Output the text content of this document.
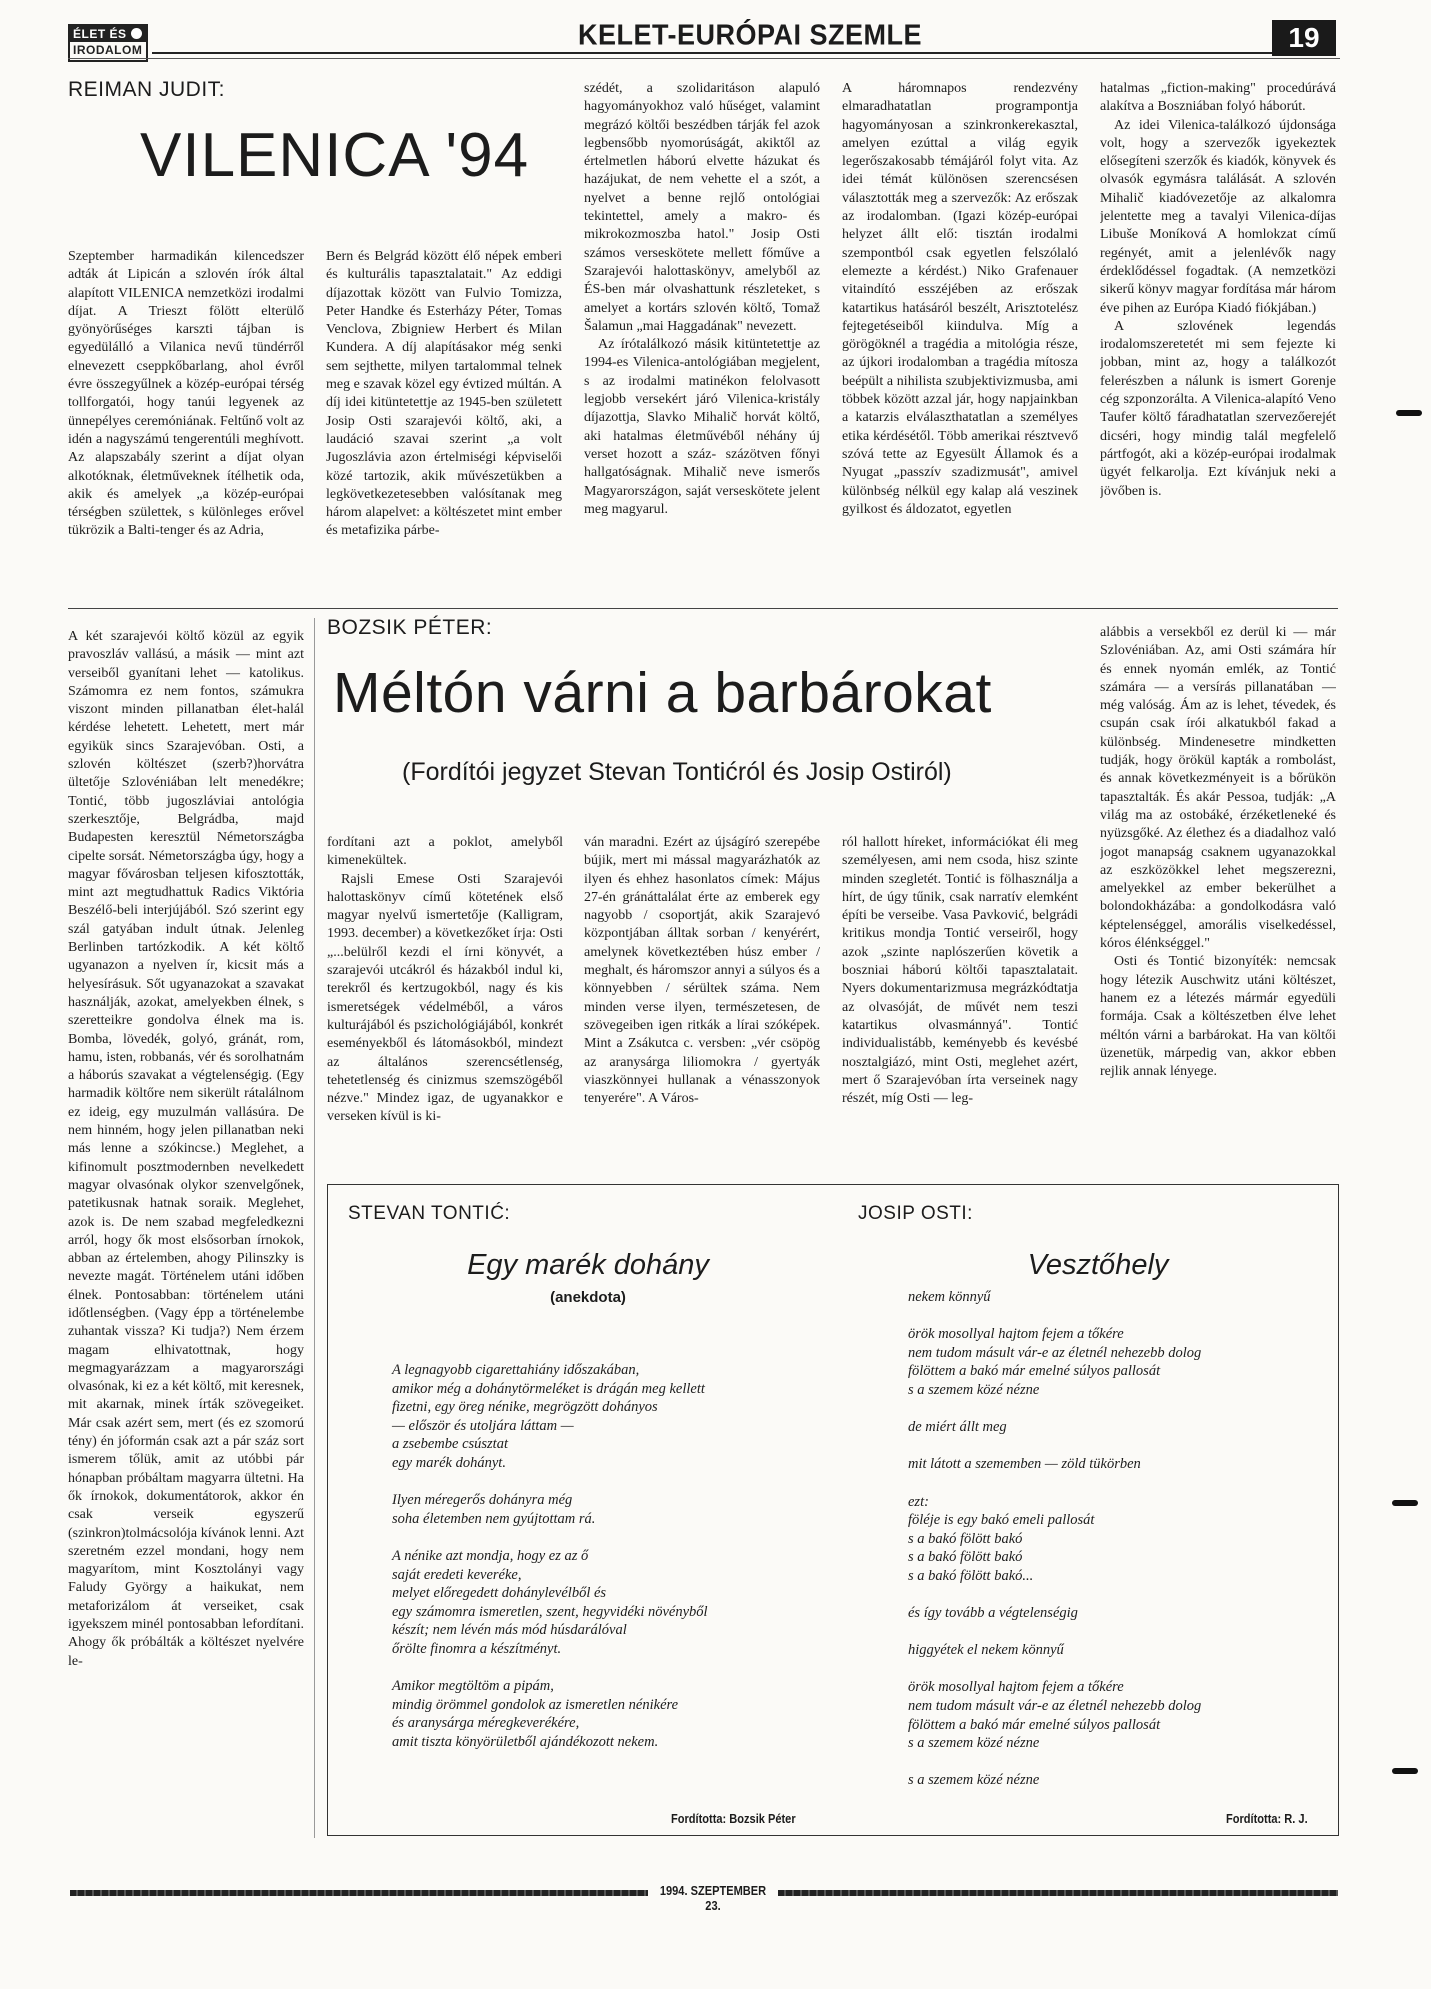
ÉLET ÉS
IRODALOM	KELET-EURÓPAI SZEMLE	19
REIMAN JUDIT:
VILENICA '94

Szeptember harmadikán kilencedszer adták át Lipicán a szlovén írók által alapított VILENICA nemzetközi irodalmi díjat. A Trieszt fölött elterülő gyönyörűséges karszti tájban is egyedülálló a Vilanica nevű tündérről elnevezett cseppkőbarlang, ahol évről évre összegyűlnek a közép-európai térség tollforgatói, hogy tanúi legyenek az ünnepélyes ceremóniának. Feltűnő volt az idén a nagyszámú tengerentúli meghívott. Az alapszabály szerint a díjat olyan alkotóknak, életműveknek ítélhetik oda, akik és amelyek „a közép-európai térségben születtek, s különleges erővel tükrözik a Balti-tenger és az Adria,

Bern és Belgrád között élő népek emberi és kulturális tapasztalatait." Az eddigi díjazottak között van Fulvio Tomizza, Peter Handke és Esterházy Péter, Tomas Venclova, Zbigniew Herbert és Milan Kundera. A díj alapításakor még senki sem sejthette, milyen tartalommal telnek meg e szavak közel egy évtized múltán. A díj idei kitüntetettje az 1945-ben született Josip Osti szarajevói költő, aki, a laudáció szavai szerint „a volt Jugoszlávia azon értelmiségi képviselői közé tartozik, akik művészetükben a legkövetkezetesebben valósítanak meg három alapelvet: a költészetet mint ember és metafizika párbe-

szédét, a szolidaritáson alapuló hagyományokhoz való hűséget, valamint megrázó költői beszédben tárják fel azok legbensőbb nyomorúságát, akiktől az értelmetlen háború elvette házukat és hazájukat, de nem vehette el a szót, a nyelvet a benne rejlő ontológiai tekintettel, amely a makro- és mikrokozmoszba hatol." Josip Osti számos verseskötete mellett főműve a Szarajevói halottaskönyv, amelyből az ÉS-ben már olvashattunk részleteket, s amelyet a kortárs szlovén költő, Tomaž Šalamun „mai Haggadának" nevezett.

Az írótalálkozó másik kitüntetettje az 1994-es Vilenica-antológiában megjelent, s az irodalmi matinékon felolvasott legjobb versekért járó Vilenica-kristály díjazottja, Slavko Mihalič horvát költő, aki hatalmas életművéből néhány új verset hozott a száz- százötven főnyi hallgatóságnak. Mihalič neve ismerős Magyarországon, saját verseskötete jelent meg magyarul.

A háromnapos rendezvény elmaradhatatlan programpontja hagyományosan a szinkronkerekasztal, amelyen ezúttal a világ egyik legerőszakosabb témájáról folyt vita. Az idei témát különösen szerencsésen választották meg a szervezők: Az erőszak az irodalomban. (Igazi közép-európai helyzet állt elő: tisztán irodalmi szempontból csak egyetlen felszólaló elemezte a kérdést.) Niko Grafenauer vitaindító esszéjében az erőszak katartikus hatásáról beszélt, Arisztotelész fejtegetéseiből kiindulva. Míg a görögöknél a tragédia a mitológia része, az újkori irodalomban a tragédia mítosza beépült a nihilista szubjektivizmusba, ami többek között azzal jár, hogy napjainkban a katarzis elválaszthatatlan a személyes etika kérdésétől. Több amerikai résztvevő szóvá tette az Egyesült Államok és a Nyugat „passzív szadizmusát", amivel különbség nélkül egy kalap alá veszinek gyilkost és áldozatot, egyetlen

hatalmas „fiction-making" procedúrává alakítva a Boszniában folyó háborút.

Az idei Vilenica-találkozó újdonsága volt, hogy a szervezők igyekeztek elősegíteni szerzők és kiadók, könyvek és olvasók egymásra találását. A szlovén Mihalič kiadóvezetője az alkalomra jelentette meg a tavalyi Vilenica-díjas Libuše Moníková A homlokzat című regényét, amit a jelenlévők nagy érdeklődéssel fogadtak. (A nemzetközi sikerű könyv magyar fordítása már három éve pihen az Európa Kiadó fiókjában.)

A szlovének legendás irodalomszeretetét mi sem fejezte ki jobban, mint az, hogy a találkozót felerészben a nálunk is ismert Gorenje cég szponzorálta. A Vilenica-alapító Veno Taufer költő fáradhatatlan szervezőerejét dicséri, hogy mindig talál megfelelő pártfogót, aki a közép-európai irodalmak ügyét felkarolja. Ezt kívánjuk neki a jövőben is.

A két szarajevói költő közül az egyik pravoszláv vallású, a másik — mint azt verseiből gyanítani lehet — katolikus. Számomra ez nem fontos, számukra viszont minden pillanatban élet-halál kérdése lehetett. Lehetett, mert már egyikük sincs Szarajevóban. Osti, a szlovén költészet (szerb?)horvátra ültetője Szlovéniában lelt menedékre; Tontić, több jugoszláviai antológia szerkesztője, Belgrádba, majd Budapesten keresztül Németországba cipelte sorsát. Németországba úgy, hogy a magyar fővárosban teljesen kifosztották, mint azt megtudhattuk Radics Viktória Beszélő-beli interjújából. Szó szerint egy szál gatyában indult útnak. Jelenleg Berlinben tartózkodik. A két költő ugyanazon a nyelven ír, kicsit más a helyesírásuk. Sőt ugyanazokat a szavakat használják, azokat, amelyekben élnek, s szeretteikre gondolva élnek ma is. Bomba, lövedék, golyó, gránát, rom, hamu, isten, robbanás, vér és sorolhatnám a háborús szavakat a végtelenségig. (Egy harmadik költőre nem sikerült rátalálnom ez ideig, egy muzulmán vallásúra. De nem hinném, hogy jelen pillanatban neki más lenne a szókincse.) Meglehet, a kifinomult posztmodernben nevelkedett magyar olvasónak olykor szenvelgőnek, patetikusnak hatnak soraik. Meglehet, azok is. De nem szabad megfeledkezni arról, hogy ők most elsősorban írnokok, abban az értelemben, ahogy Pilinszky is nevezte magát. Történelem utáni időben élnek. Pontosabban: történelem utáni időtlenségben. (Vagy épp a történelembe zuhantak vissza? Ki tudja?) Nem érzem magam elhivatottnak, hogy megmagyarázzam a magyarországi olvasónak, ki ez a két költő, mit keresnek, mit akarnak, minek írták szövegeiket. Már csak azért sem, mert (és ez szomorú tény) én jóformán csak azt a pár száz sort ismerem tőlük, amit az utóbbi pár hónapban próbáltam magyarra ültetni. Ha ők írnokok, dokumentátorok, akkor én csak verseik egyszerű (szinkron)tolmácsolója kívánok lenni. Azt szeretném ezzel mondani, hogy nem magyarítom, mint Kosztolányi vagy Faludy György a haikukat, nem metaforizálom át verseiket, csak igyekszem minél pontosabban lefordítani. Ahogy ők próbálták a költészet nyelvére le-

BOZSIK PÉTER:
Méltón várni a barbárokat
(Fordítói jegyzet Stevan Tontićról és Josip Ostiról)

fordítani azt a poklot, amelyből kimenekültek.

Rajsli Emese Osti Szarajevói halottaskönyv című kötetének első magyar nyelvű ismertetője (Kalligram, 1993. december) a következőket írja: Osti „...belülről kezdi el írni könyvét, a szarajevói utcákról és házakból indul ki, terekről és kertzugokból, nagy és kis ismeretségek védelméből, a város kulturájából és pszichológiájából, konkrét eseményekből és látomásokból, mindezt az általános szerencsétlenség, tehetetlenség és cinizmus szemszögéből nézve." Mindez igaz, de ugyanakkor e verseken kívül is ki-

ván maradni. Ezért az újságíró szerepébe bújik, mert mi mással magyarázhatók az ilyen és ehhez hasonlatos címek: Május 27-én gránáttalálat érte az emberek egy nagyobb / csoportját, akik Szarajevó központjában álltak sorban / kenyérért, amelynek következtében húsz ember / meghalt, és háromszor annyi a súlyos és a könnyebben / sérültek száma. Nem minden verse ilyen, természetesen, de szövegeiben igen ritkák a lírai szóképek. Mint a Zsákutca c. versben: „vér csöpög az aranysárga liliomokra / gyertyák viaszkönnyei hullanak a vénasszonyok tenyerére". A Város-

ról hallott híreket, információkat éli meg személyesen, ami nem csoda, hisz szinte minden szegletét. Tontić is fölhasználja a hírt, de úgy tűnik, csak narratív elemként építi be verseibe. Vasa Pavković, belgrádi kritikus mondja Tontić verseiről, hogy azok „szinte naplószerűen követik a boszniai háború költői tapasztalatait. Nyers dokumentarizmusa megrázkódtatja az olvasóját, de művét nem teszi katartikus olvasmánnyá". Tontić individualistább, keményebb és kevésbé nosztalgiázó, mint Osti, meglehet azért, mert ő Szarajevóban írta verseinek nagy részét, míg Osti — leg-

alábbis a versekből ez derül ki — már Szlovéniában. Az, ami Osti számára hír és ennek nyomán emlék, az Tontić számára — a versírás pillanatában — még valóság. Ám az is lehet, tévedek, és csupán csak írói alkatukból fakad a különbség. Mindenesetre mindketten tudják, hogy örökül kapták a rombolást, és annak következményeit is a bőrükön tapasztalták. És akár Pessoa, tudják: „A világ ma az ostobáké, érzéketleneké és nyüzsgőké. Az élethez és a diadalhoz való jogot manapság csaknem ugyanazokkal az eszközökkel lehet megszerezni, amelyekkel az ember bekerülhet a bolondokházába: a gondolkodásra való képtelenséggel, amorális viselkedéssel, kóros élénkséggel."

Osti és Tontić bizonyíték: nemcsak hogy létezik Auschwitz utáni költészet, hanem ez a létezés mármár egyedüli formája. Csak a költészetben élve lehet méltón várni a barbárokat. Ha van költői üzenetük, márpedig van, akkor ebben rejlik annak lényege.

STEVAN TONTIĆ:
Egy marék dohány
(anekdota)
A legnagyobb cigarettahiány időszakában,
amikor még a dohánytörmeléket is drágán meg kellett
fizetni, egy öreg nénike, megrögzött dohányos
— először és utoljára láttam —
a zsebembe csúsztat
egy marék dohányt.
Ilyen méregerős dohányra még
soha életemben nem gyújtottam rá.
A nénike azt mondja, hogy ez az ő
saját eredeti keveréke,
melyet előregedett dohánylevélből és
egy számomra ismeretlen, szent, hegyvidéki növényből
készít; nem lévén más mód húsdarálóval
őrölte finomra a készítményt.
Amikor megtöltöm a pipám,
mindig örömmel gondolok az ismeretlen nénikére
és aranysárga méregkeverékére,
amit tiszta könyörületből ajándékozott nekem.
Fordította: Bozsik Péter
JOSIP OSTI:
Vesztőhely
nekem könnyű
örök mosollyal hajtom fejem a tőkére
nem tudom másult vár-e az életnél nehezebb dolog
fölöttem a bakó már emelné súlyos pallosát
s a szemem közé nézne
de miért állt meg
mit látott a szememben — zöld tükörben
ezt:
föléje is egy bakó emeli pallosát
s a bakó fölött bakó
s a bakó fölött bakó
s a bakó fölött bakó...
és így tovább a végtelenségig
higgyétek el nekem könnyű
örök mosollyal hajtom fejem a tőkére
nem tudom másult vár-e az életnél nehezebb dolog
fölöttem a bakó már emelné súlyos pallosát
s a szemem közé nézne
s a szemem közé nézne
Fordította: R. J.
1994. SZEPTEMBER 23.
